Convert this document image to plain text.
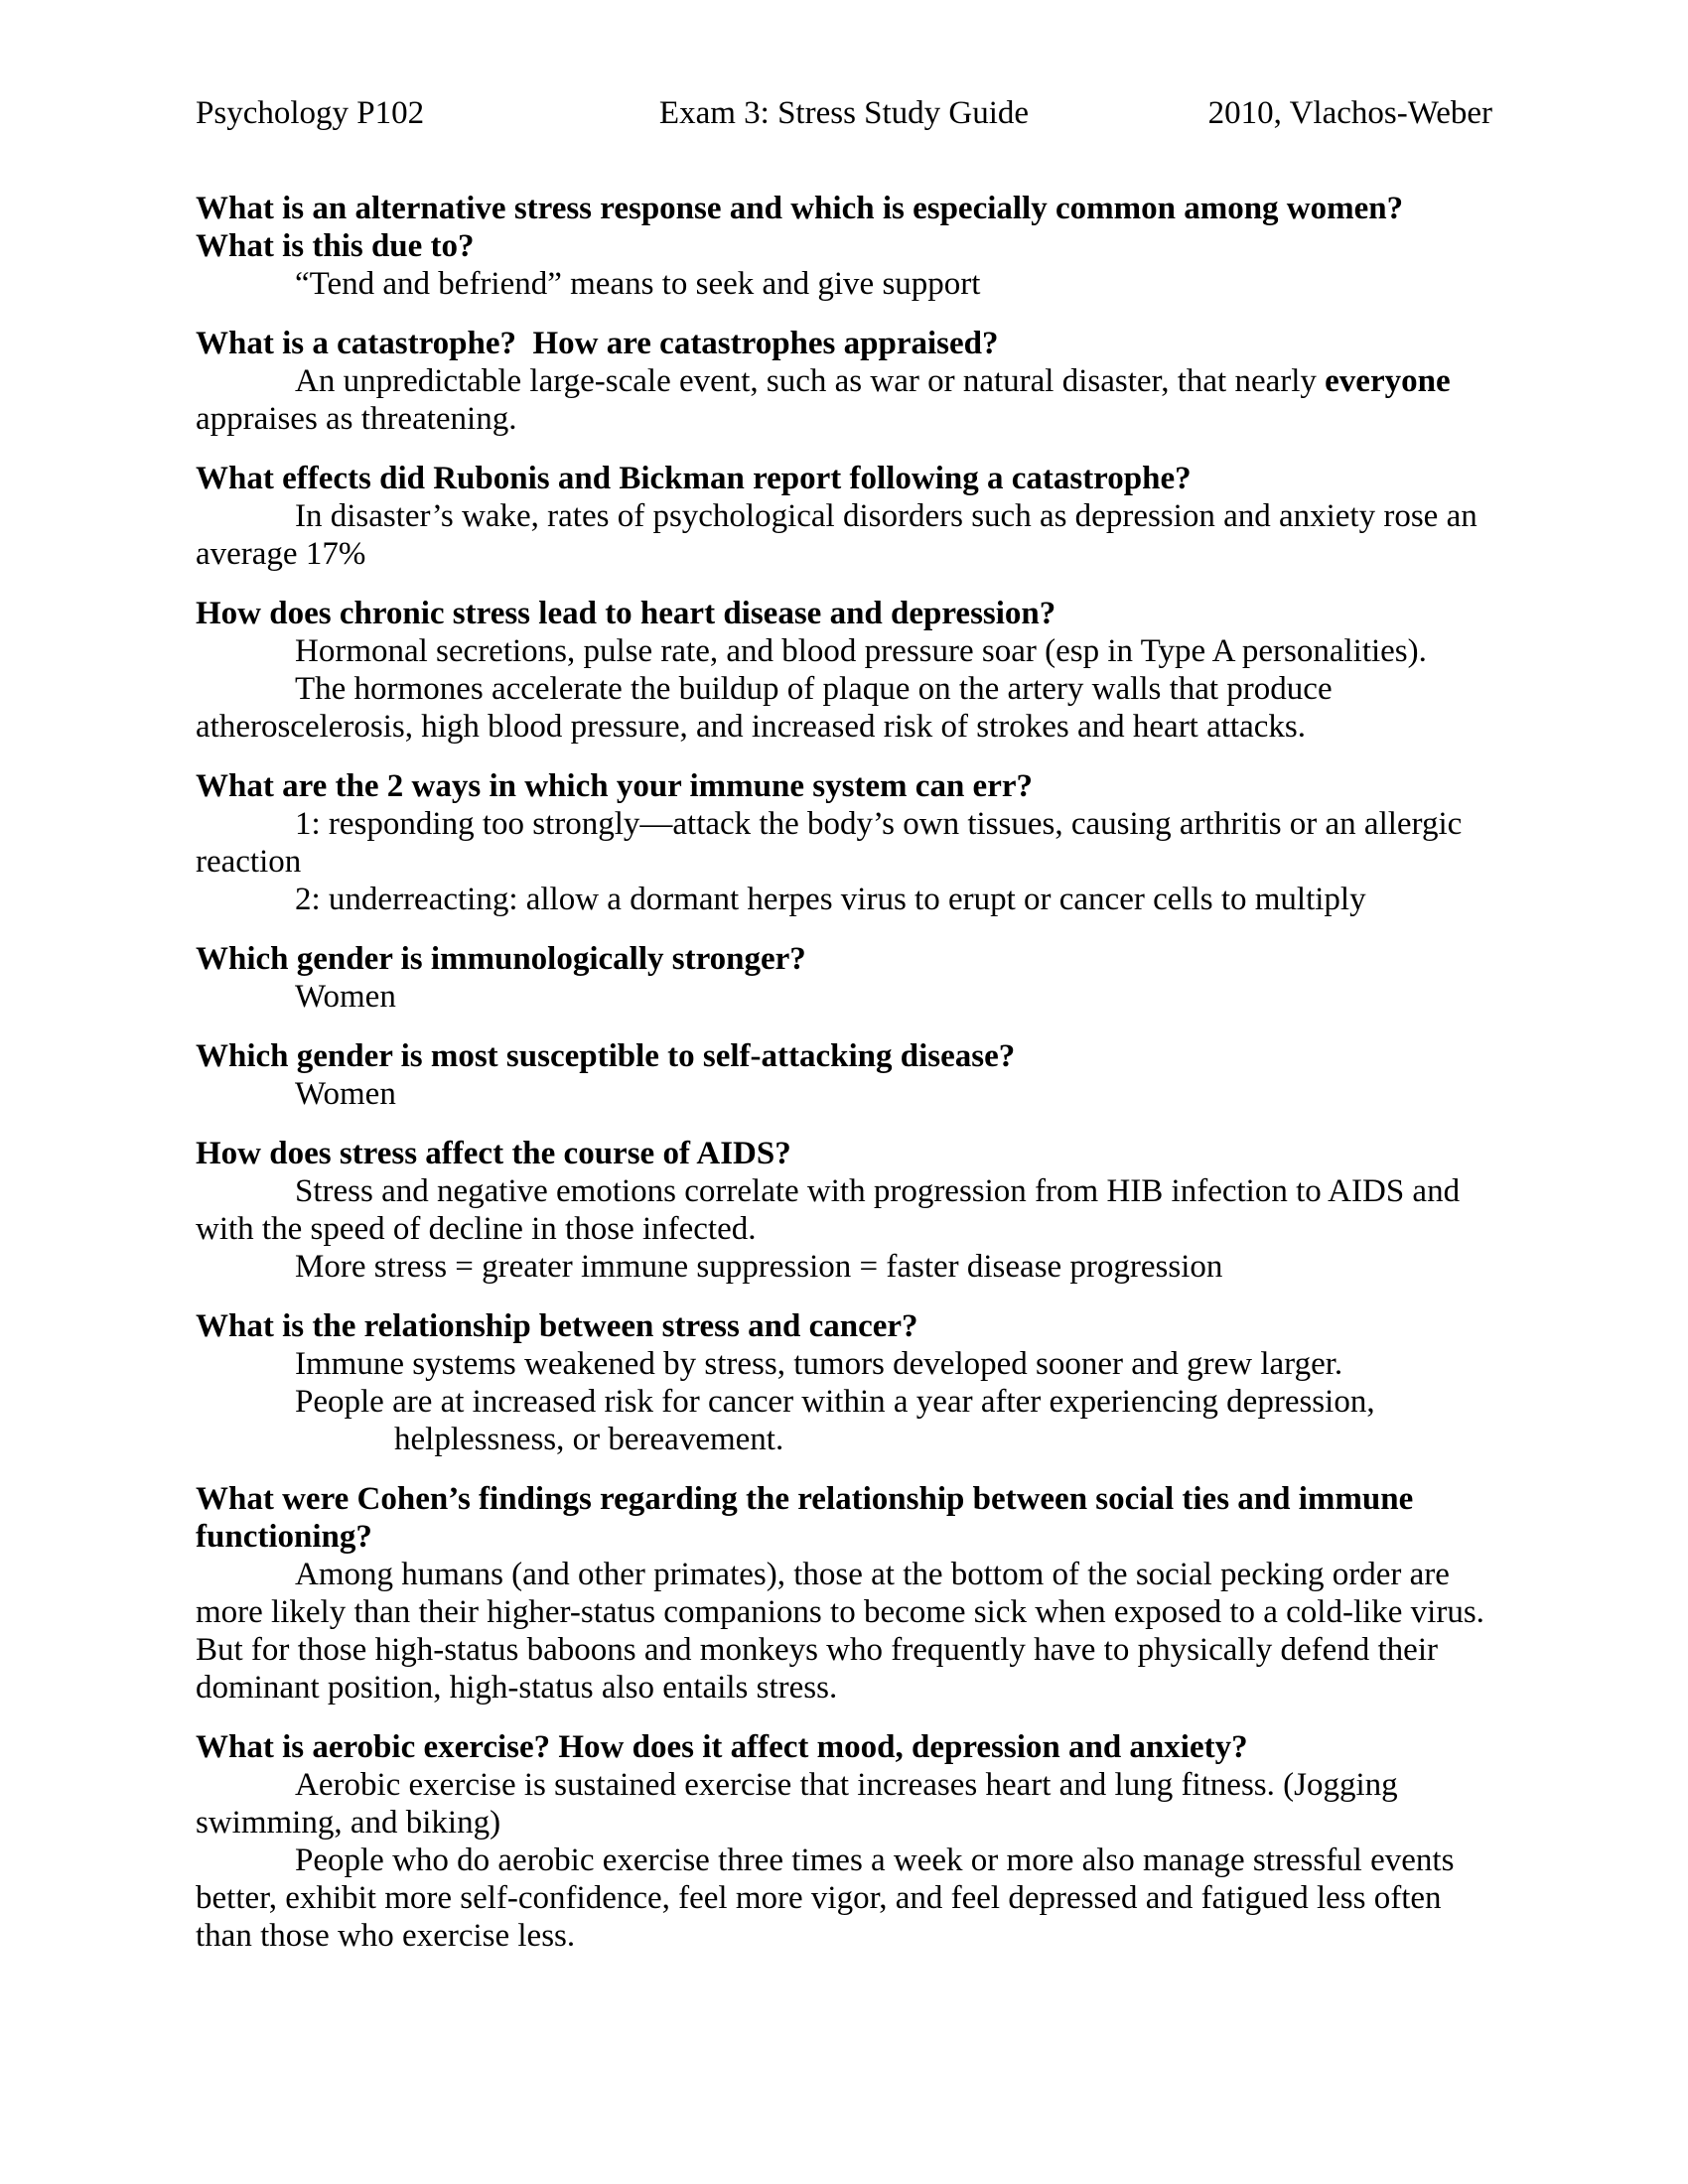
Psychology P102	Exam 3: Stress Study Guide	2010, Vlachos-Weber

What is an alternative stress response and which is especially common among women?  What is this due to?

“Tend and befriend” means to seek and give support

What is a catastrophe?  How are catastrophes appraised?

An unpredictable large-scale event, such as war or natural disaster, that nearly everyone appraises as threatening.

What effects did Rubonis and Bickman report following a catastrophe?

In disaster’s wake, rates of psychological disorders such as depression and anxiety rose an average 17%

How does chronic stress lead to heart disease and depression?

Hormonal secretions, pulse rate, and blood pressure soar (esp in Type A personalities).

The hormones accelerate the buildup of plaque on the artery walls that produce atheroscelerosis, high blood pressure, and increased risk of strokes and heart attacks.

What are the 2 ways in which your immune system can err?

1: responding too strongly—attack the body’s own tissues, causing arthritis or an allergic reaction

2: underreacting: allow a dormant herpes virus to erupt or cancer cells to multiply

Which gender is immunologically stronger?

Women

Which gender is most susceptible to self-attacking disease?

Women

How does stress affect the course of AIDS?

Stress and negative emotions correlate with progression from HIB infection to AIDS and with the speed of decline in those infected.

More stress = greater immune suppression = faster disease progression

What is the relationship between stress and cancer?

Immune systems weakened by stress, tumors developed sooner and grew larger.

People are at increased risk for cancer within a year after experiencing depression,

helplessness, or bereavement.

What were Cohen’s findings regarding the relationship between social ties and immune functioning?

Among humans (and other primates), those at the bottom of the social pecking order are more likely than their higher-status companions to become sick when exposed to a cold-like virus.  But for those high-status baboons and monkeys who frequently have to physically defend their dominant position, high-status also entails stress.

What is aerobic exercise? How does it affect mood, depression and anxiety?

Aerobic exercise is sustained exercise that increases heart and lung fitness. (Jogging swimming, and biking)

People who do aerobic exercise three times a week or more also manage stressful events better, exhibit more self-confidence, feel more vigor, and feel depressed and fatigued less often than those who exercise less.
